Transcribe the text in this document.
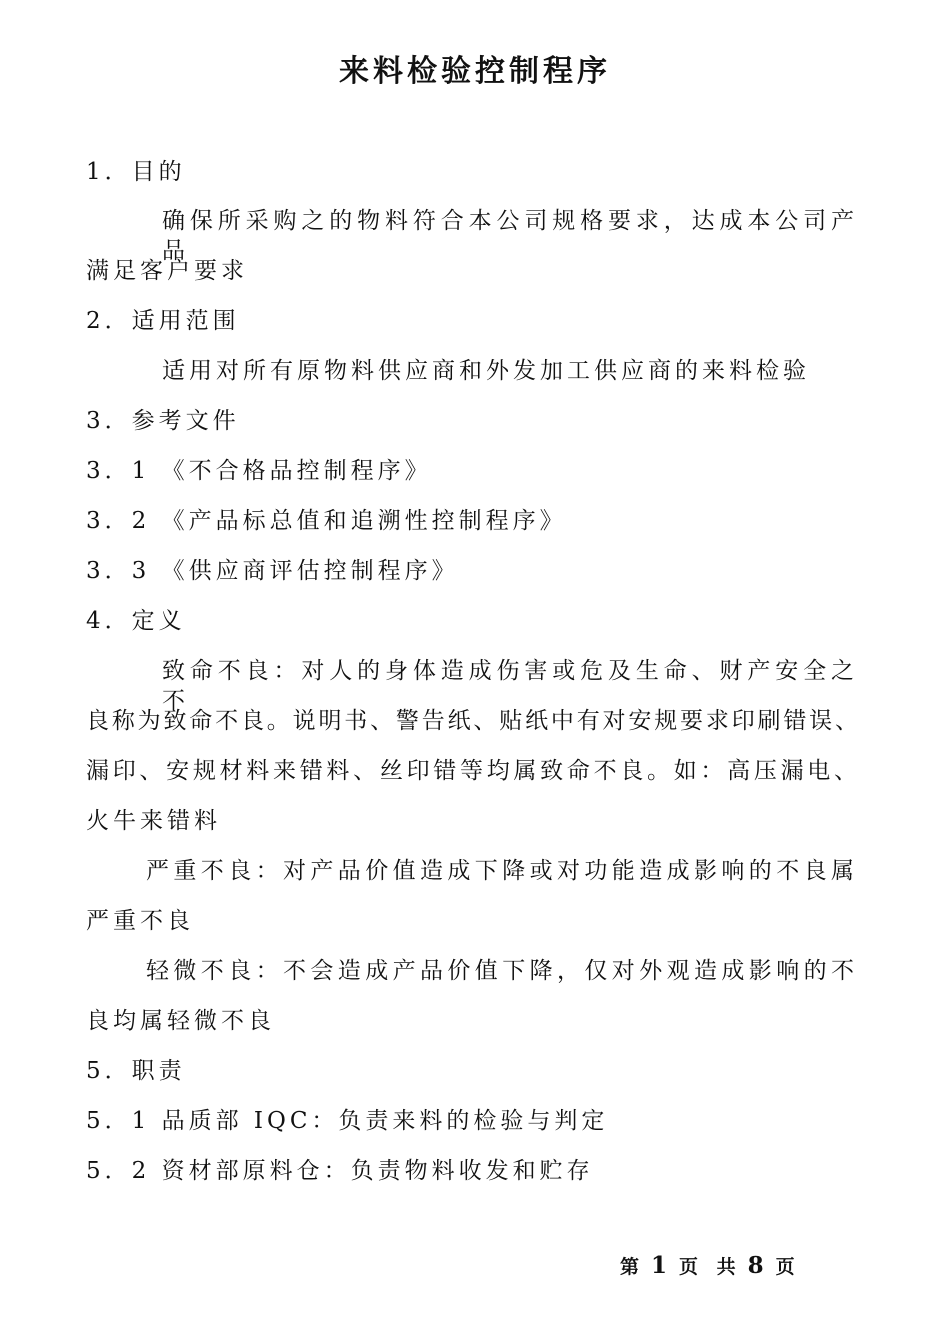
来料检验控制程序

1．目的

确保所采购之的物料符合本公司规格要求，达成本公司产品

满足客户要求

2．适用范围

适用对所有原物料供应商和外发加工供应商的来料检验

3．参考文件

3．1 《不合格品控制程序》

3．2 《产品标总值和追溯性控制程序》

3．3 《供应商评估控制程序》

4．定义

致命不良：对人的身体造成伤害或危及生命、财产安全之不

良称为致命不良。说明书、警告纸、贴纸中有对安规要求印刷错误、

漏印、安规材料来错料、丝印错等均属致命不良。如：高压漏电、

火牛来错料

严重不良：对产品价值造成下降或对功能造成影响的不良属

严重不良

轻微不良：不会造成产品价值下降，仅对外观造成影响的不

良均属轻微不良

5．职责

5．1 品质部 IQC：负责来料的检验与判定

5．2 资材部原料仓：负责物料收发和贮存

第 1 页 共 8 页
